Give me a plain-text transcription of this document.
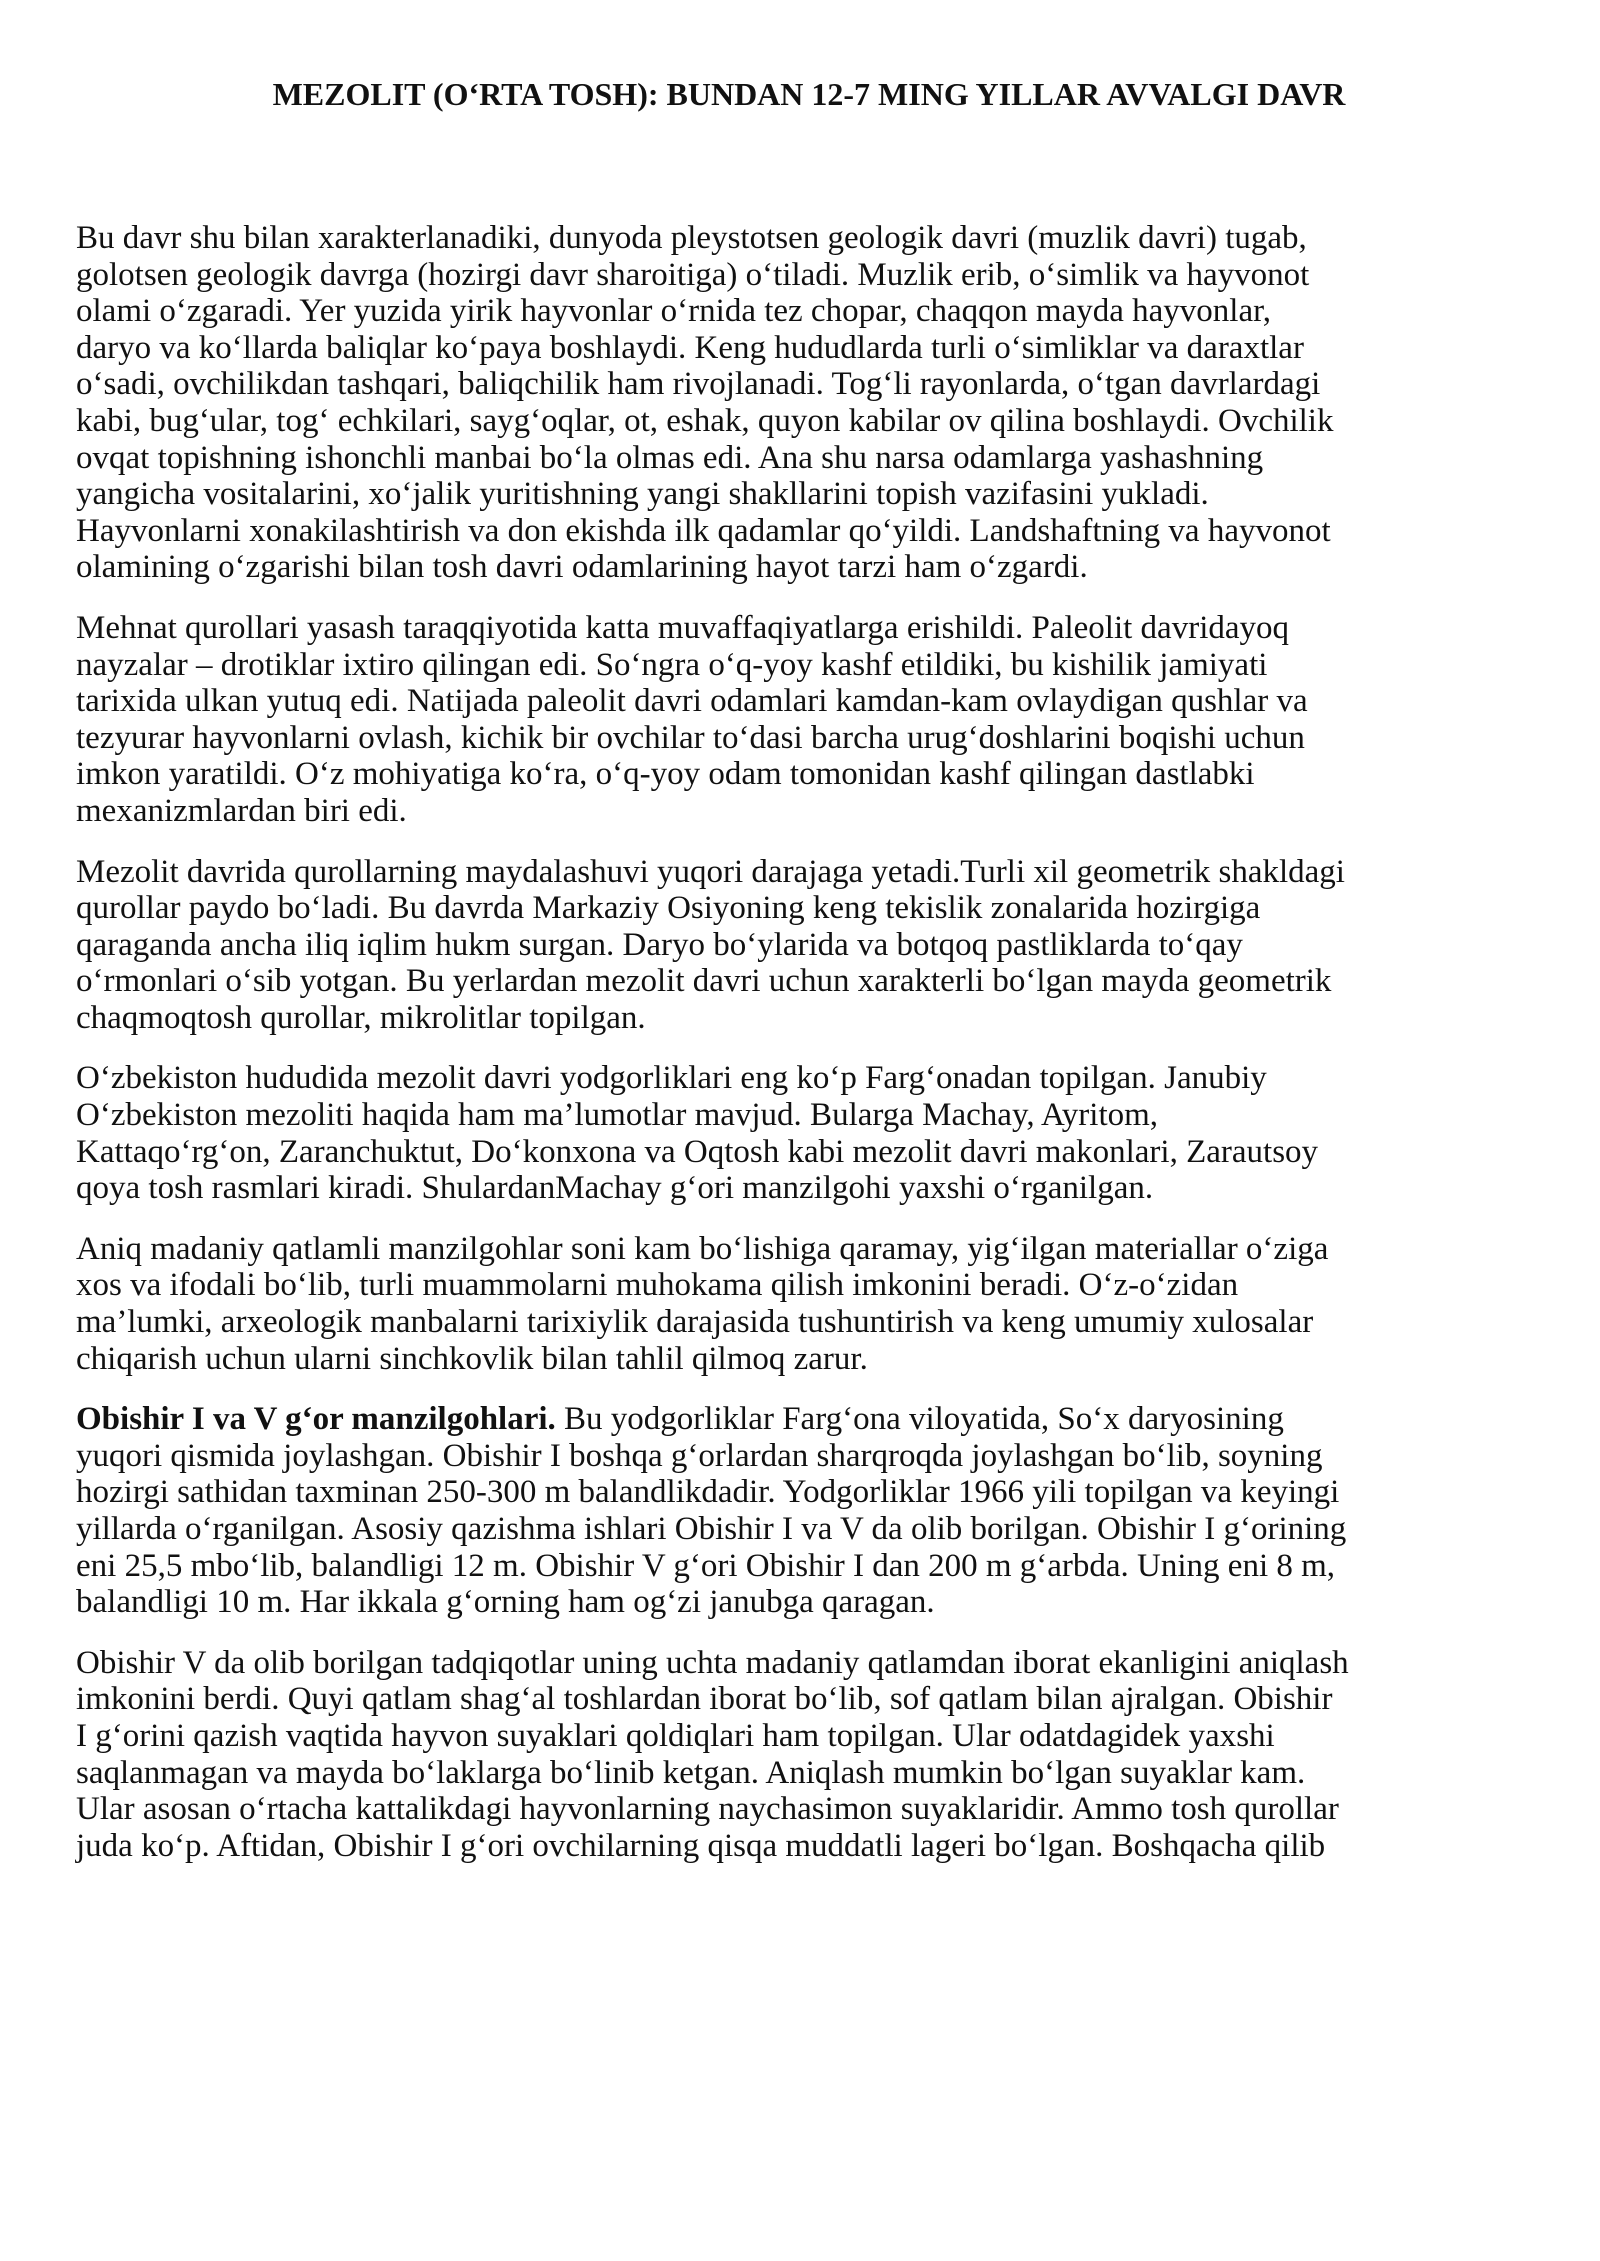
MEZOLIT (O‘RTA TOSH): BUNDAN 12-7 MING YILLAR AVVALGI DAVR

Bu davr shu bilan xarakterlanadiki, dunyoda pleystotsen geologik davri (muzlik davri) tugab,
golotsen geologik davrga (hozirgi davr sharoitiga) o‘tiladi. Muzlik erib, o‘simlik va hayvonot
olami o‘zgaradi. Yer yuzida yirik hayvonlar o‘rnida tez chopar, chaqqon mayda hayvonlar,
daryo va ko‘llarda baliqlar ko‘paya boshlaydi. Keng hududlarda turli o‘simliklar va daraxtlar
o‘sadi, ovchilikdan tashqari, baliqchilik ham rivojlanadi. Tog‘li rayonlarda, o‘tgan davrlardagi
kabi, bug‘ular, tog‘ echkilari, sayg‘oqlar, ot, eshak, quyon kabilar ov qilina boshlaydi. Ovchilik
ovqat topishning ishonchli manbai bo‘la olmas edi. Ana shu narsa odamlarga yashashning
yangicha vositalarini, xo‘jalik yuritishning yangi shakllarini topish vazifasini yukladi.
Hayvonlarni xonakilashtirish va don ekishda ilk qadamlar qo‘yildi. Landshaftning va hayvonot
olamining o‘zgarishi bilan tosh davri odamlarining hayot tarzi ham o‘zgardi.

Mehnat qurollari yasash taraqqiyotida katta muvaffaqiyatlarga erishildi. Paleolit davridayoq
nayzalar – drotiklar ixtiro qilingan edi. So‘ngra o‘q-yoy kashf etildiki, bu kishilik jamiyati
tarixida ulkan yutuq edi. Natijada paleolit davri odamlari kamdan-kam ovlaydigan qushlar va
tezyurar hayvonlarni ovlash, kichik bir ovchilar to‘dasi barcha urug‘doshlarini boqishi uchun
imkon yaratildi. O‘z mohiyatiga ko‘ra, o‘q-yoy odam tomonidan kashf qilingan dastlabki
mexanizmlardan biri edi.

Mezolit davrida qurollarning maydalashuvi yuqori darajaga yetadi.Turli xil geometrik shakldagi
qurollar paydo bo‘ladi. Bu davrda Markaziy Osiyoning keng tekislik zonalarida hozirgiga
qaraganda ancha iliq iqlim hukm surgan. Daryo bo‘ylarida va botqoq pastliklarda to‘qay
o‘rmonlari o‘sib yotgan. Bu yerlardan mezolit davri uchun xarakterli bo‘lgan mayda geometrik
chaqmoqtosh qurollar, mikrolitlar topilgan.

O‘zbekiston hududida mezolit davri yodgorliklari eng ko‘p Farg‘onadan topilgan. Janubiy
O‘zbekiston mezoliti haqida ham ma’lumotlar mavjud. Bularga Machay, Ayritom,
Kattaqo‘rg‘on, Zaranchuktut, Do‘konxona va Oqtosh kabi mezolit davri makonlari, Zarautsoy
qoya tosh rasmlari kiradi. ShulardanMachay g‘ori manzilgohi yaxshi o‘rganilgan.

Aniq madaniy qatlamli manzilgohlar soni kam bo‘lishiga qaramay, yig‘ilgan materiallar o‘ziga
xos va ifodali bo‘lib, turli muammolarni muhokama qilish imkonini beradi. O‘z-o‘zidan
ma’lumki, arxeologik manbalarni tarixiylik darajasida tushuntirish va keng umumiy xulosalar
chiqarish uchun ularni sinchkovlik bilan tahlil qilmoq zarur.

Obishir I va V g‘or manzilgohlari. Bu yodgorliklar Farg‘ona viloyatida, So‘x daryosining
yuqori qismida joylashgan. Obishir I boshqa g‘orlardan sharqroqda joylashgan bo‘lib, soyning
hozirgi sathidan taxminan 250-300 m balandlikdadir. Yodgorliklar 1966 yili topilgan va keyingi
yillarda o‘rganilgan. Asosiy qazishma ishlari Obishir I va V da olib borilgan. Obishir I g‘orining
eni 25,5 mbo‘lib, balandligi 12 m. Obishir V g‘ori Obishir I dan 200 m g‘arbda. Uning eni 8 m,
balandligi 10 m. Har ikkala g‘orning ham og‘zi janubga qaragan.

Obishir V da olib borilgan tadqiqotlar uning uchta madaniy qatlamdan iborat ekanligini aniqlash
imkonini berdi. Quyi qatlam shag‘al toshlardan iborat bo‘lib, sof qatlam bilan ajralgan. Obishir
I g‘orini qazish vaqtida hayvon suyaklari qoldiqlari ham topilgan. Ular odatdagidek yaxshi
saqlanmagan va mayda bo‘laklarga bo‘linib ketgan. Aniqlash mumkin bo‘lgan suyaklar kam.
Ular asosan o‘rtacha kattalikdagi hayvonlarning naychasimon suyaklaridir. Ammo tosh qurollar
juda ko‘p. Aftidan, Obishir I g‘ori ovchilarning qisqa muddatli lageri bo‘lgan. Boshqacha qilib
